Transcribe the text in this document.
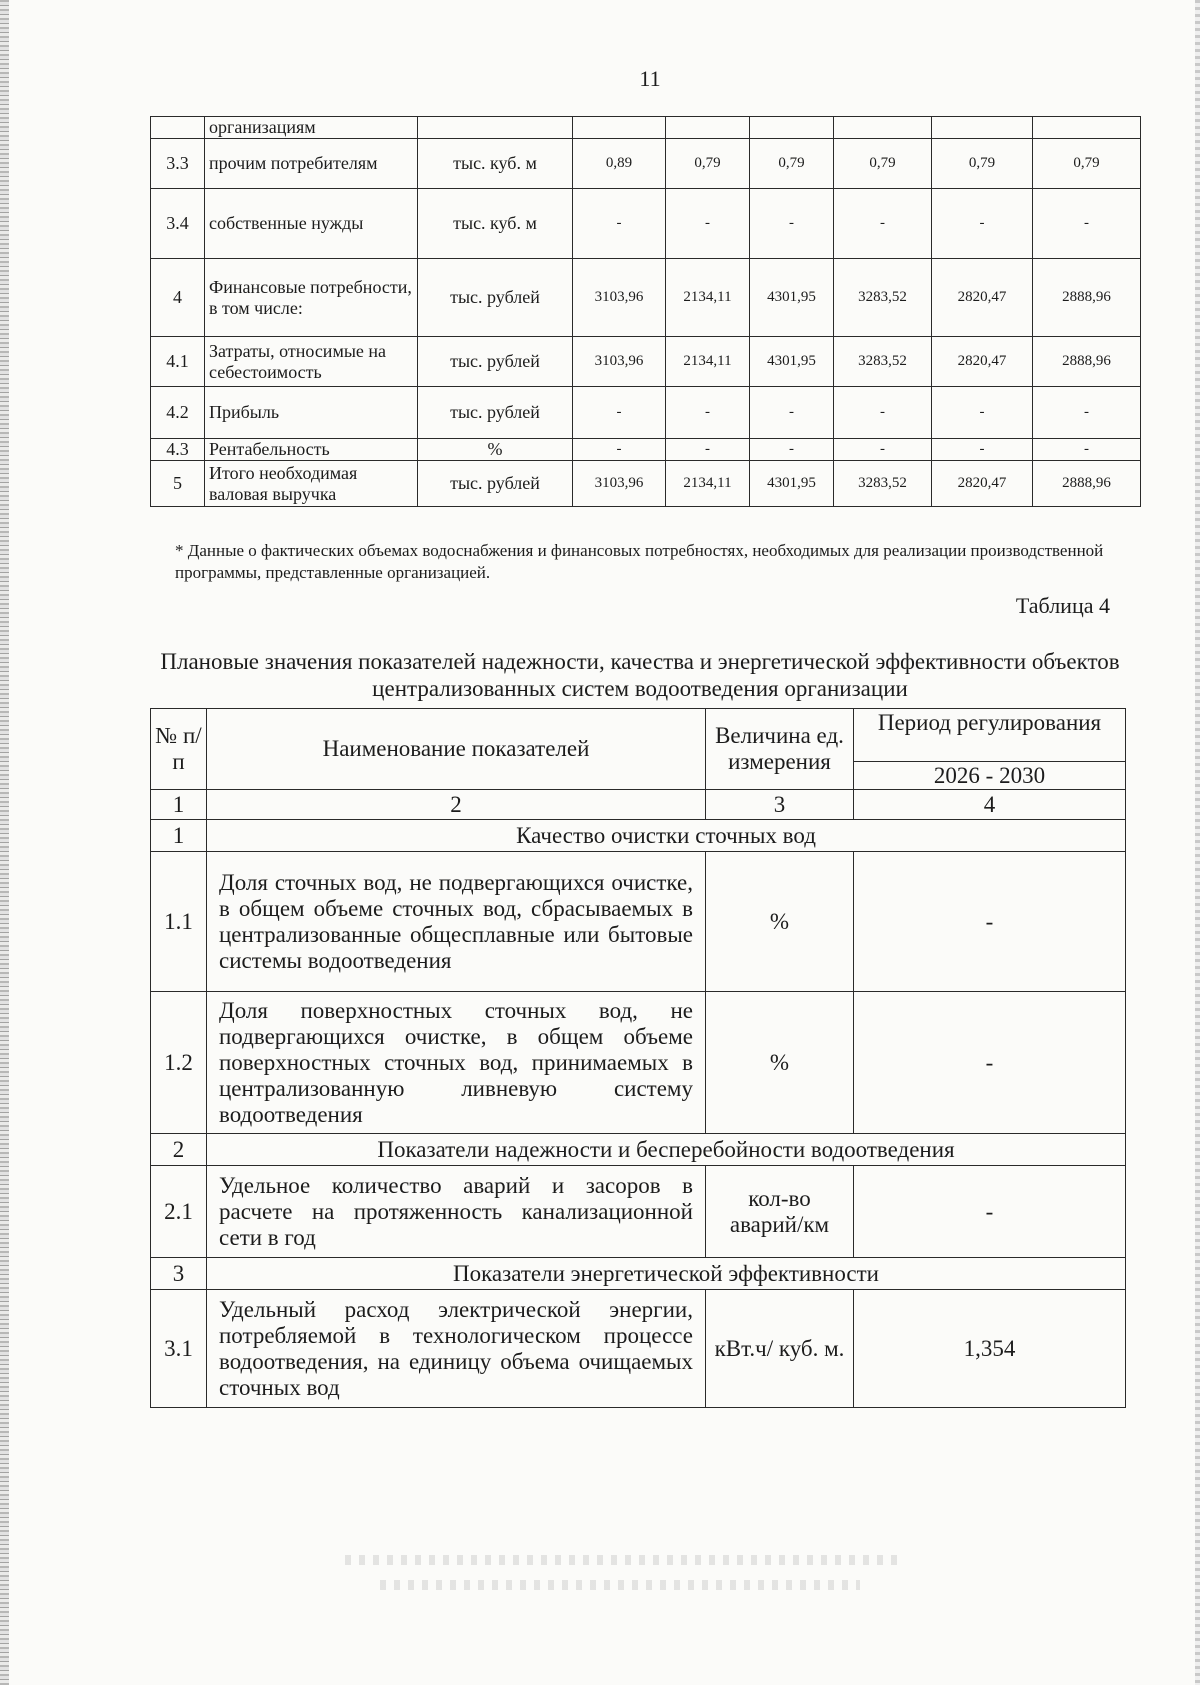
11
	организациям							
3.3	прочим потребителям	тыс. куб. м	0,89	0,79	0,79	0,79	0,79	0,79
3.4	собственные нужды	тыс. куб. м	-	-	-	-	-	-
4	Финансовые потребности, в том числе:	тыс. рублей	3103,96	2134,11	4301,95	3283,52	2820,47	2888,96
4.1	Затраты, относимые на себестоимость	тыс. рублей	3103,96	2134,11	4301,95	3283,52	2820,47	2888,96
4.2	Прибыль	тыс. рублей	-	-	-	-	-	-
4.3	Рентабельность	%	-	-	-	-	-	-
5	Итого необходимая валовая выручка	тыс. рублей	3103,96	2134,11	4301,95	3283,52	2820,47	2888,96
* Данные о фактических объемах водоснабжения и финансовых потребностях, необходимых для реализации производственной программы, представленные организацией.
Таблица 4
Плановые значения показателей надежности, качества и энергетической эффективности объектов централизованных систем водоотведения организации
№ п/п	Наименование показателей	Величина ед. измерения	Период регулирования

			2026 - 2030
1	2	3	4
1	Качество очистки сточных вод		
1.1	Доля сточных вод, не подвергающихся очистке, в общем объеме сточных вод, сбрасываемых в централизованные общесплавные или бытовые системы водоотведения	%	-
1.2	Доля поверхностных сточных вод, не подвергающихся очистке, в общем объеме поверхностных сточных вод, принимаемых в централизованную ливневую систему водоотведения	%	-
2	Показатели надежности и бесперебойности водоотведения		
2.1	Удельное количество аварий и засоров в расчете на протяженность канализационной сети в год	кол-во аварий/км	-
3	Показатели энергетической эффективности		
3.1	Удельный расход электрической энергии, потребляемой в технологическом процессе водоотведения, на единицу объема очищаемых сточных вод	кВт.ч/ куб. м.	1,354
